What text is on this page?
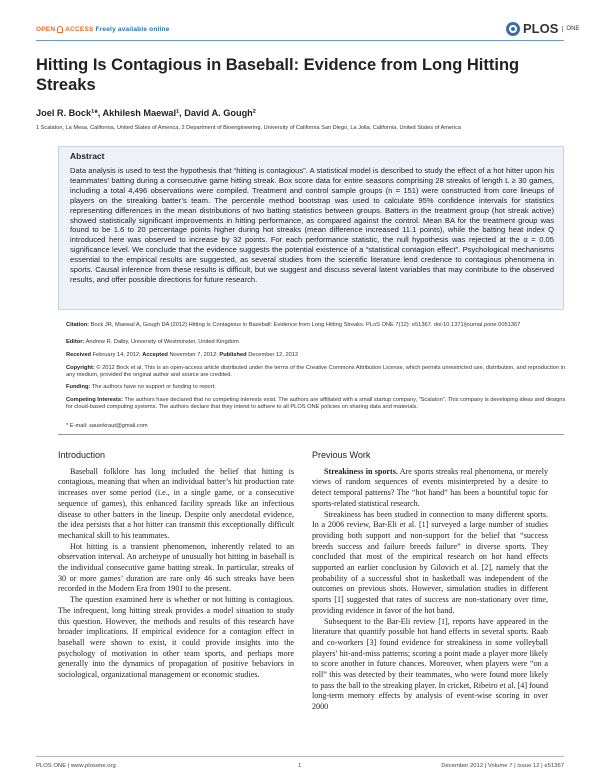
OPEN ACCESS Freely available online	PLOS	ONE
Hitting Is Contagious in Baseball: Evidence from Long Hitting Streaks
Joel R. Bock¹*, Akhilesh Maewal¹, David A. Gough²
1 Scalaton, La Mesa, California, United States of America, 2 Department of Bioengineering, University of California San Diego, La Jolla, California, United States of America
Abstract
Data analysis is used to test the hypothesis that “hitting is contagious”. A statistical model is described to study the effect of a hot hitter upon his teammates’ batting during a consecutive game hitting streak. Box score data for entire seasons comprising 28 streaks of length L ≥ 30 games, including a total 4,496 observations were compiled. Treatment and control sample groups (n = 151) were constructed from core lineups of players on the streaking batter’s team. The percentile method bootstrap was used to calculate 95% confidence intervals for statistics representing differences in the mean distributions of two batting statistics between groups. Batters in the treatment group (hot streak active) showed statistically significant improvements in hitting performance, as compared against the control. Mean BA for the treatment group was found to be 1.6 to 20 percentage points higher during hot streaks (mean difference increased 11.1 points), while the batting heat index Q introduced here was observed to increase by 32 points. For each performance statistic, the null hypothesis was rejected at the α = 0.05 significance level. We conclude that the evidence suggests the potential existence of a “statistical contagion effect”. Psychological mechanisms essential to the empirical results are suggested, as several studies from the scientific literature lend credence to contagious phenomena in sports. Causal inference from these results is difficult, but we suggest and discuss several latent variables that may contribute to the observed results, and offer possible directions for future research.
Citation: Bock JR, Maewal A, Gough DA (2012) Hitting Is Contagious in Baseball: Evidence from Long Hitting Streaks. PLoS ONE 7(12): e51367. doi:10.1371/journal.pone.0051367
Editor: Andrew R. Dalby, University of Westminster, United Kingdom
Received February 14, 2012; Accepted November 7, 2012; Published December 12, 2012
Copyright: © 2012 Bock et al. This is an open-access article distributed under the terms of the Creative Commons Attribution License, which permits unrestricted use, distribution, and reproduction in any medium, provided the original author and source are credited.
Funding: The authors have no support or funding to report.
Competing Interests: The authors have declared that no competing interests exist. The authors are affiliated with a small startup company, “Scalaton”. This company is developing ideas and designs for cloud-based computing systems. The authors declare that they intend to adhere to all PLOS ONE policies on sharing data and materials.
* E-mail: sauerkraut@gmail.com
Introduction

Baseball folklore has long included the belief that hitting is contagious, meaning that when an individual batter’s hit production rate increases over some period (i.e., in a single game, or a consecutive sequence of games), this enhanced facility spreads like an infectious disease to other batters in the lineup. Despite only anecdotal evidence, the idea persists that a hot hitter can transmit this exceptionally difficult mechanical skill to his teammates.

Hot hitting is a transient phenomenon, inherently related to an observation interval. An archetype of unusually hot hitting in baseball is the individual consecutive game batting streak. In particular, streaks of 30 or more games’ duration are rare only 46 such streaks have been recorded in the Modern Era from 1901 to the present.

The question examined here is whether or not hitting is contagious. The infrequent, long hitting streak provides a model situation to study this question. However, the methods and results of this research have broader implications. If empirical evidence for a contagion effect in baseball were shown to exist, it could provide insights into the psychology of motivation in other team sports, and perhaps more generally into the dynamics of propagation of positive behaviors in sociological, organizational management or economic studies.

Previous Work

Streakiness in sports. Are sports streaks real phenomena, or merely views of random sequences of events misinterpreted by a desire to detect temporal patterns? The “hot hand” has been a bountiful topic for sports-related statistical research.

Streakiness has been studied in connection to many different sports. In a 2006 review, Bar-Eli et al. [1] surveyed a large number of studies providing both support and non-support for the belief that “success breeds success and failure breeds failure” in diverse sports. They concluded that most of the empirical research on hot hand effects supported an earlier conclusion by Gilovich et al. [2], namely that the probability of a successful shot in basketball was independent of the outcomes on previous shots. However, simulation studies in different sports [1] suggested that rates of success are non-stationary over time, providing evidence in favor of the hot hand.

Subsequent to the Bar-Eli review [1], reports have appeared in the literature that quantify possible hot hand effects in several sports. Raab and co-workers [3] found evidence for streakiness in some volleyball players’ hit-and-miss patterns; scoring a point made a player more likely to score another in future chances. Moreover, when players were “on a roll” this was detected by their teammates, who were found more likely to pass the ball to the streaking player. In cricket, Ribeiro et al. [4] found long-term memory effects by analysis of event-wise scoring in over 2000

PLOS ONE | www.plosone.org	1	December 2012 | Volume 7 | Issue 12 | e51367
